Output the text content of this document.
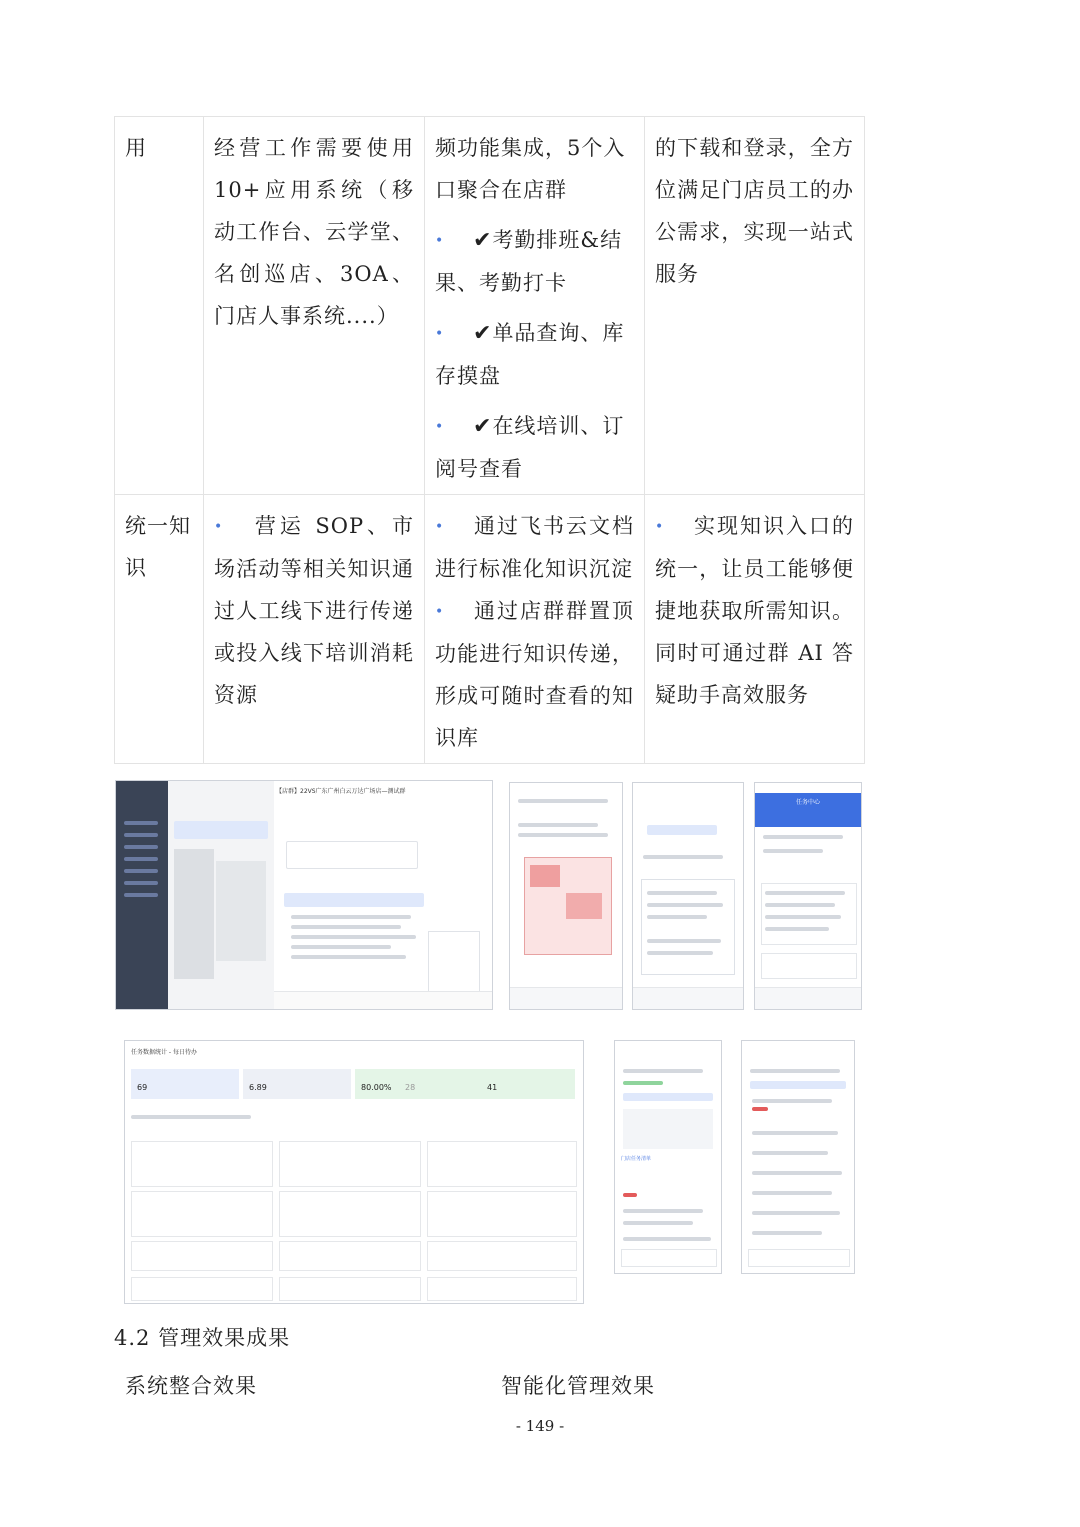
用	经营工作需要使用10+应用系统（移动工作台、云学堂、名创巡店、3OA、门店人事系统....）	频功能集成，5个入口聚合在店群
• ✔考勤排班&结果、考勤打卡
• ✔单品查询、库存摸盘
• ✔在线培训、订阅号查看	的下载和登录，全方位满足门店员工的办公需求，实现一站式服务
统一知识	• 营运 SOP、市场活动等相关知识通过人工线下进行传递或投入线下培训消耗资源	• 通过飞书云文档进行标准化知识沉淀
• 通过店群群置顶功能进行知识传递，形成可随时查看的知识库	• 实现知识入口的统一，让员工能够便捷地获取所需知识。同时可通过群 AI 答疑助手高效服务
【店群】22VS广东广州白云万达广场店—测试群
任务中心
任务数据统计 - 每日待办
69	6.89	80.00% 28	41
门店任务清单
4.2 管理效果成果
系统整合效果	智能化管理效果
- 149 -
